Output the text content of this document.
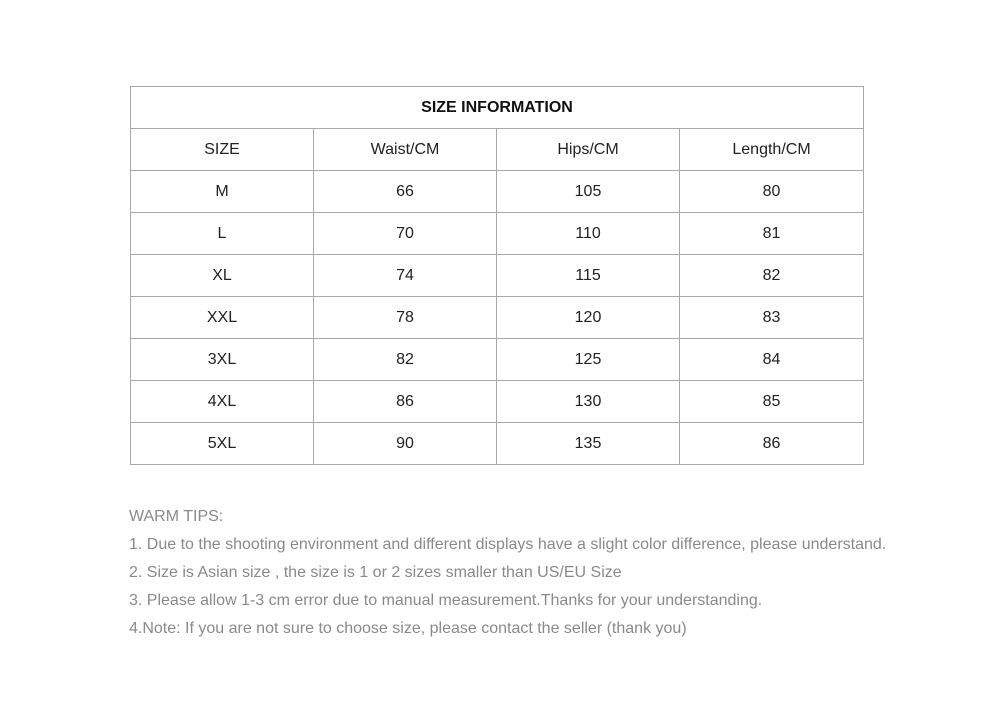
SIZE INFORMATION			
SIZE	Waist/CM	Hips/CM	Length/CM
M	66	105	80
L	70	110	81
XL	74	115	82
XXL	78	120	83
3XL	82	125	84
4XL	86	130	85
5XL	90	135	86
WARM TIPS:
1. Due to the shooting environment and different displays have a slight color difference, please understand.
2. Size is Asian size , the size is 1 or 2 sizes smaller than US/EU Size
3. Please allow 1-3 cm error due to manual measurement.Thanks for your understanding.
4.Note: If you are not sure to choose size, please contact the seller (thank you)
